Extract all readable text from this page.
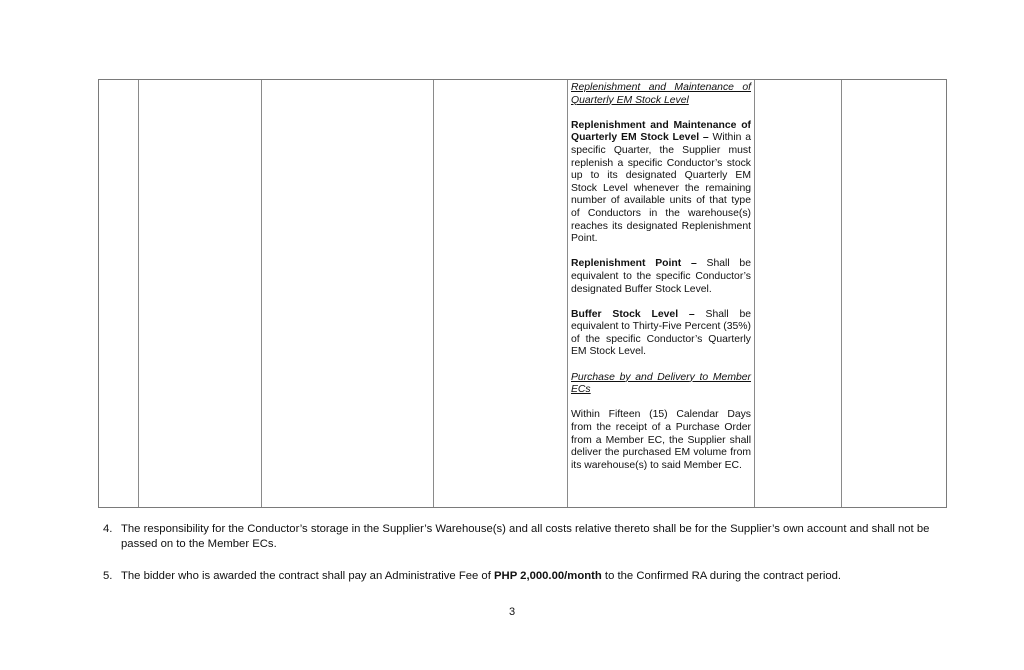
Replenishment and Maintenance of Quarterly EM Stock Level

Replenishment and Maintenance of Quarterly EM Stock Level – Within a specific Quarter, the Supplier must replenish a specific Conductor’s stock up to its designated Quarterly EM Stock Level whenever the remaining number of available units of that type of Conductors in the warehouse(s) reaches its designated Replenishment Point.

Replenishment Point – Shall be equivalent to the specific Conductor’s designated Buffer Stock Level.

Buffer Stock Level – Shall be equivalent to Thirty-Five Percent (35%) of the specific Conductor’s Quarterly EM Stock Level.

Purchase by and Delivery to Member ECs

Within Fifteen (15) Calendar Days from the receipt of a Purchase Order from a Member EC, the Supplier shall deliver the purchased EM volume from its warehouse(s) to said Member EC.

4. The responsibility for the Conductor’s storage in the Supplier’s Warehouse(s) and all costs relative thereto shall be for the Supplier’s own account and shall not be passed on to the Member ECs.
5. The bidder who is awarded the contract shall pay an Administrative Fee of PHP 2,000.00/month to the Confirmed RA during the contract period.
3
